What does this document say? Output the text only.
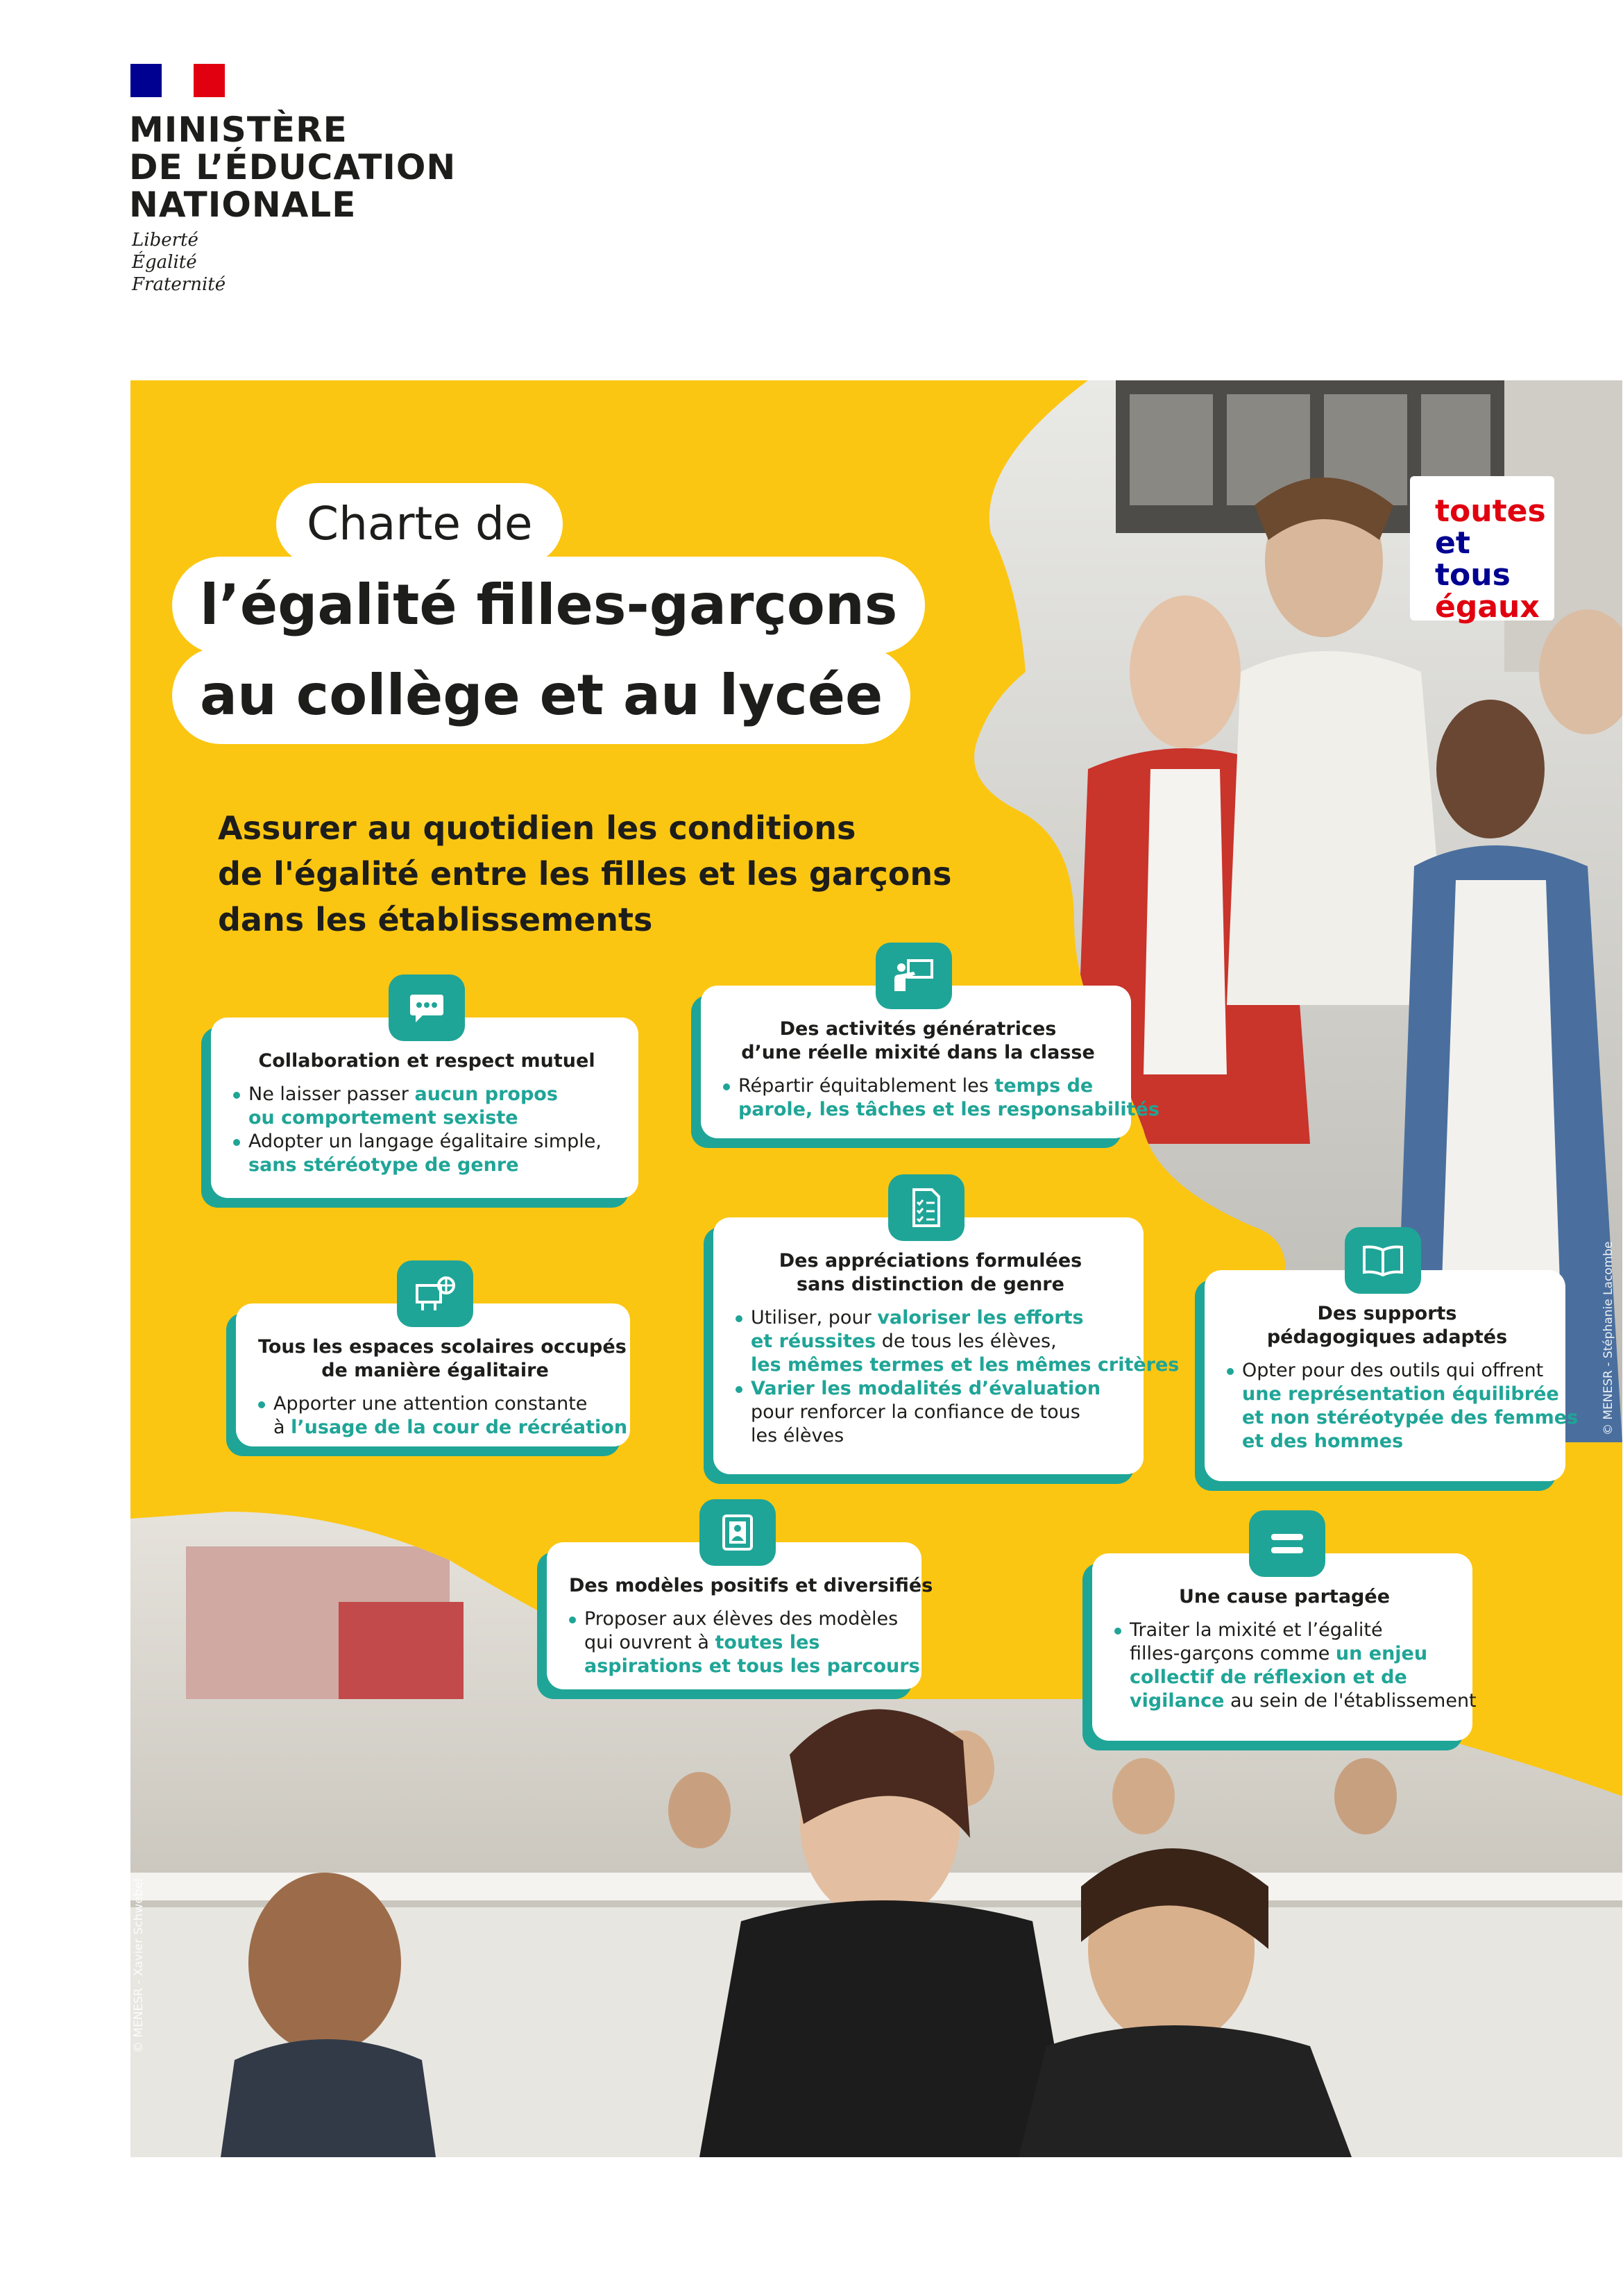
MINISTÈRE
DE L’ÉDUCATION
NATIONALE
Liberté
Égalité
Fraternité
Charte de
l’égalité filles-garçons
au collège et au lycée
Assurer au quotidien les conditions
de l'égalité entre les filles et les garçons
dans les établissements
toutes
et tous
égaux
Collaboration et respect mutuel
Ne laisser passer aucun propos
ou comportement sexiste
Adopter un langage égalitaire simple,
sans stéréotype de genre
Des activités génératrices
d’une réelle mixité dans la classe
Répartir équitablement les temps de
parole, les tâches et les responsabilités
Des appréciations formulées
sans distinction de genre
Utiliser, pour valoriser les efforts
et réussites de tous les élèves,
les mêmes termes et les mêmes critères
Varier les modalités d’évaluation
pour renforcer la confiance de tous
les élèves
Tous les espaces scolaires occupés
de manière égalitaire
Apporter une attention constante
à l’usage de la cour de récréation
Des supports
pédagogiques adaptés
Opter pour des outils qui offrent
une représentation équilibrée
et non stéréotypée des femmes
et des hommes
Des modèles positifs et diversifiés
Proposer aux élèves des modèles
qui ouvrent à toutes les
aspirations et tous les parcours
Une cause partagée
Traiter la mixité et l’égalité
filles-garçons comme un enjeu
collectif de réflexion et de
vigilance au sein de l'établissement
© MENESR - Stéphanie Lacombe
© MENESR - Xavier Schwebel
